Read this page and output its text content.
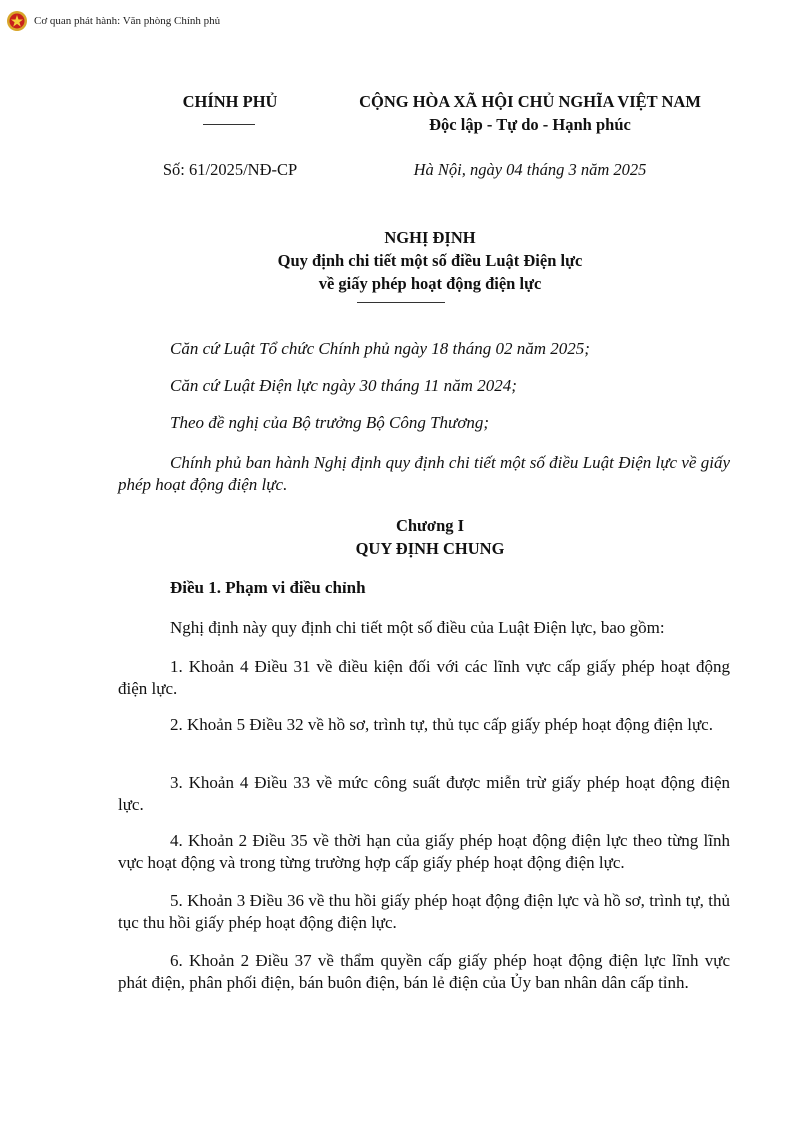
Cơ quan phát hành: Văn phòng Chính phủ
CHÍNH PHỦ
Số: 61/2025/NĐ-CP
CỘNG HÒA XÃ HỘI CHỦ NGHĨA VIỆT NAM
Độc lập - Tự do - Hạnh phúc
Hà Nội, ngày 04 tháng 3 năm 2025
NGHỊ ĐỊNH
Quy định chi tiết một số điều Luật Điện lực
về giấy phép hoạt động điện lực
Căn cứ Luật Tổ chức Chính phủ ngày 18 tháng 02 năm 2025;
Căn cứ Luật Điện lực ngày 30 tháng 11 năm 2024;
Theo đề nghị của Bộ trưởng Bộ Công Thương;
Chính phủ ban hành Nghị định quy định chi tiết một số điều Luật Điện lực về giấy phép hoạt động điện lực.
Chương I
QUY ĐỊNH CHUNG
Điều 1. Phạm vi điều chỉnh
Nghị định này quy định chi tiết một số điều của Luật Điện lực, bao gồm:
1. Khoản 4 Điều 31 về điều kiện đối với các lĩnh vực cấp giấy phép hoạt động điện lực.
2. Khoản 5 Điều 32 về hồ sơ, trình tự, thủ tục cấp giấy phép hoạt động điện lực.
3. Khoản 4 Điều 33 về mức công suất được miễn trừ giấy phép hoạt động điện lực.
4. Khoản 2 Điều 35 về thời hạn của giấy phép hoạt động điện lực theo từng lĩnh vực hoạt động và trong từng trường hợp cấp giấy phép hoạt động điện lực.
5. Khoản 3 Điều 36 về thu hồi giấy phép hoạt động điện lực và hồ sơ, trình tự, thủ tục thu hồi giấy phép hoạt động điện lực.
6. Khoản 2 Điều 37 về thẩm quyền cấp giấy phép hoạt động điện lực lĩnh vực phát điện, phân phối điện, bán buôn điện, bán lẻ điện của Ủy ban nhân dân cấp tỉnh.
